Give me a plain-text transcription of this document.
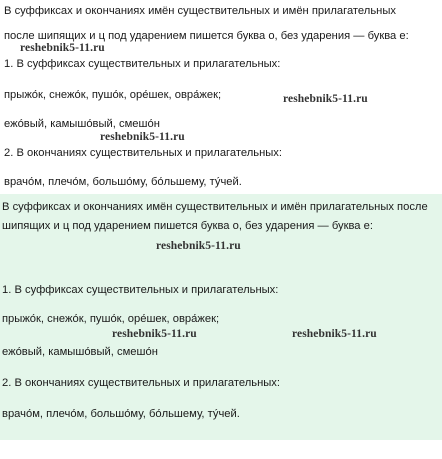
В суффиксах и окончаниях имён существительных и имён прилагательных
после шипящих и ц под ударением пишется буква о, без ударения — буква е:
reshebnik5-11.ru
1. В суффиксах существительных и прилагательных:
прыжо́к, снежо́к, пушо́к, оре́шек, овра́жек;	reshebnik5-11.ru
ежо́вый, камышо́вый, смешо́н
reshebnik5-11.ru
2. В окончаниях существительных и прилагательных:
врачо́м, плечо́м, большо́му, бо́льшему, ту́чей.
В суффиксах и окончаниях имён существительных и имён прилагательных после шипящих и ц под ударением пишется буква о, без ударения — буква е:
reshebnik5-11.ru
1. В суффиксах существительных и прилагательных:
прыжо́к, снежо́к, пушо́к, оре́шек, овра́жек;
reshebnik5-11.ru	reshebnik5-11.ru
ежо́вый, камышо́вый, смешо́н
2. В окончаниях существительных и прилагательных:
врачо́м, плечо́м, большо́му, бо́льшему, ту́чей.
